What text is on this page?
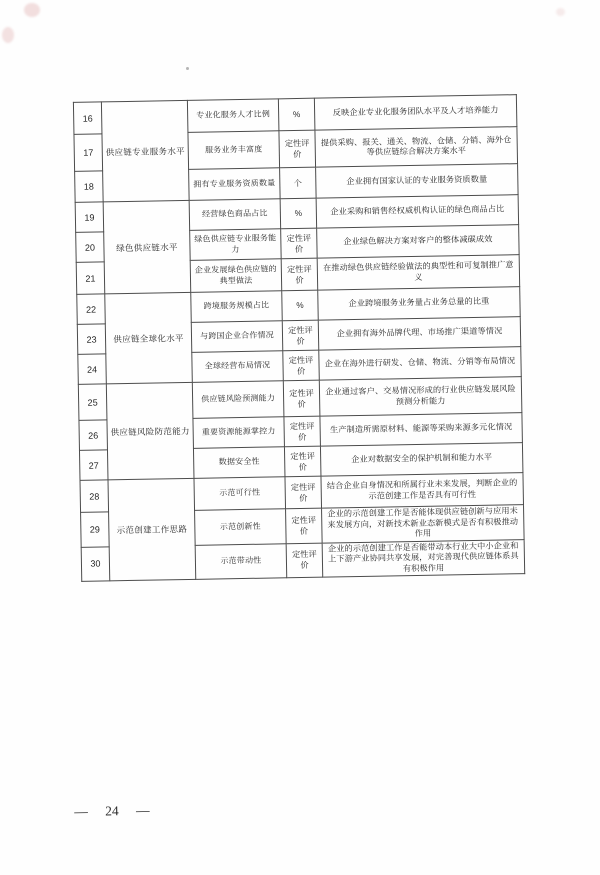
16	供应链专业服务水平	专业化服务人才比例	%	反映企业专业化服务团队水平及人才培养能力
17		服务业务丰富度	定性评价	提供采购、报关、通关、物流、仓储、分销、海外仓等供应链综合解决方案水平
18		拥有专业服务资质数量	个	企业拥有国家认证的专业服务资质数量
19	绿色供应链水平	经营绿色商品占比	%	企业采购和销售经权威机构认证的绿色商品占比
20		绿色供应链专业服务能力	定性评价	企业绿色解决方案对客户的整体减碳成效
21		企业发展绿色供应链的典型做法	定性评价	在推动绿色供应链经验做法的典型性和可复制推广意义
22	供应链全球化水平	跨境服务规模占比	%	企业跨境服务业务量占业务总量的比重
23		与跨国企业合作情况	定性评价	企业拥有海外品牌代理、市场推广渠道等情况
24		全球经营布局情况	定性评价	企业在海外进行研发、仓储、物流、分销等布局情况
25	供应链风险防范能力	供应链风险预测能力	定性评价	企业通过客户、交易情况形成的行业供应链发展风险预测分析能力
26		重要资源能源掌控力	定性评价	生产制造所需原材料、能源等采购来源多元化情况
27		数据安全性	定性评价	企业对数据安全的保护机制和能力水平
28	示范创建工作思路	示范可行性	定性评价	结合企业自身情况和所属行业未来发展，判断企业的示范创建工作是否具有可行性
29		示范创新性	定性评价	企业的示范创建工作是否能体现供应链创新与应用未来发展方向，对新技术新业态新模式是否有积极推动作用
30		示范带动性	定性评价	企业的示范创建工作是否能带动本行业大中小企业和上下游产业协同共享发展，对完善现代供应链体系具有积极作用
— 24 —
